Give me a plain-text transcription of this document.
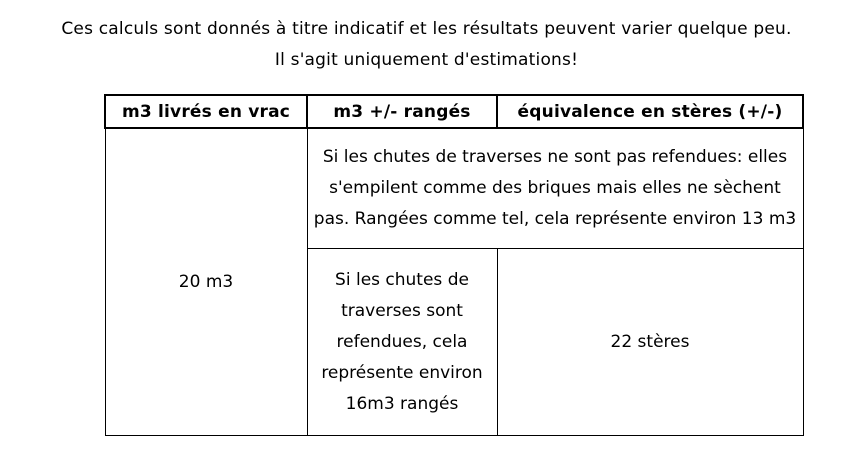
Ces calculs sont donnés à titre indicatif et les résultats peuvent varier quelque peu.
Il s'agit uniquement d'estimations!
m3 livrés en vrac	m3 +/- rangés	équivalence en stères (+/-)
20 m3	Si les chutes de traverses ne sont pas refendues: elles s'empilent comme des briques mais elles ne sèchent pas. Rangées comme tel, cela représente environ 13 m3	
	Si les chutes de traverses sont refendues, cela représente environ 16m3 rangés	22 stères
